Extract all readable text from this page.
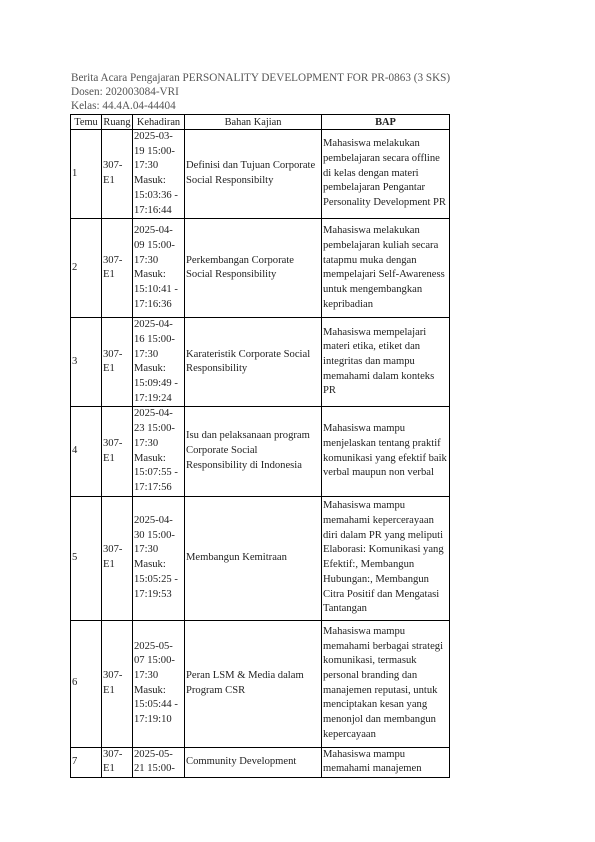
Berita Acara Pengajaran PERSONALITY DEVELOPMENT FOR PR-0863 (3 SKS)
Dosen: 202003084-VRI
Kelas: 44.4A.04-44404
Temu	Ruang	Kehadiran	Bahan Kajian	BAP
1	307-E1	2025-03-19 15:00-17:30 Masuk: 15:03:36 - 17:16:44	Definisi dan Tujuan Corporate Social Responsibilty	Mahasiswa melakukan pembelajaran secara offline di kelas dengan materi pembelajaran Pengantar Personality Development PR
2	307-E1	2025-04-09 15:00-17:30 Masuk: 15:10:41 - 17:16:36	Perkembangan Corporate Social Responsibility	Mahasiswa melakukan pembelajaran kuliah secara tatapmu muka dengan mempelajari Self-Awareness untuk mengembangkan kepribadian
3	307-E1	2025-04-16 15:00-17:30 Masuk: 15:09:49 - 17:19:24	Karateristik Corporate Social Responsibility	Mahasiswa mempelajari materi etika, etiket dan integritas dan mampu memahami dalam konteks PR
4	307-E1	2025-04-23 15:00-17:30 Masuk: 15:07:55 - 17:17:56	Isu dan pelaksanaan program Corporate Social Responsibility di Indonesia	Mahasiswa mampu menjelaskan tentang praktif komunikasi yang efektif baik verbal maupun non verbal
5	307-E1	2025-04-30 15:00-17:30 Masuk: 15:05:25 - 17:19:53	Membangun Kemitraan	Mahasiswa mampu memahami kepercerayaan diri dalam PR yang meliputi Elaborasi: Komunikasi yang Efektif:, Membangun Hubungan:, Membangun Citra Positif dan Mengatasi Tantangan
6	307-E1	2025-05-07 15:00-17:30 Masuk: 15:05:44 - 17:19:10	Peran LSM & Media dalam Program CSR	Mahasiswa mampu memahami berbagai strategi komunikasi, termasuk personal branding dan manajemen reputasi, untuk menciptakan kesan yang menonjol dan membangun kepercayaan
7	307-E1	2025-05-21 15:00-	Community Development	Mahasiswa mampu memahami manajemen
